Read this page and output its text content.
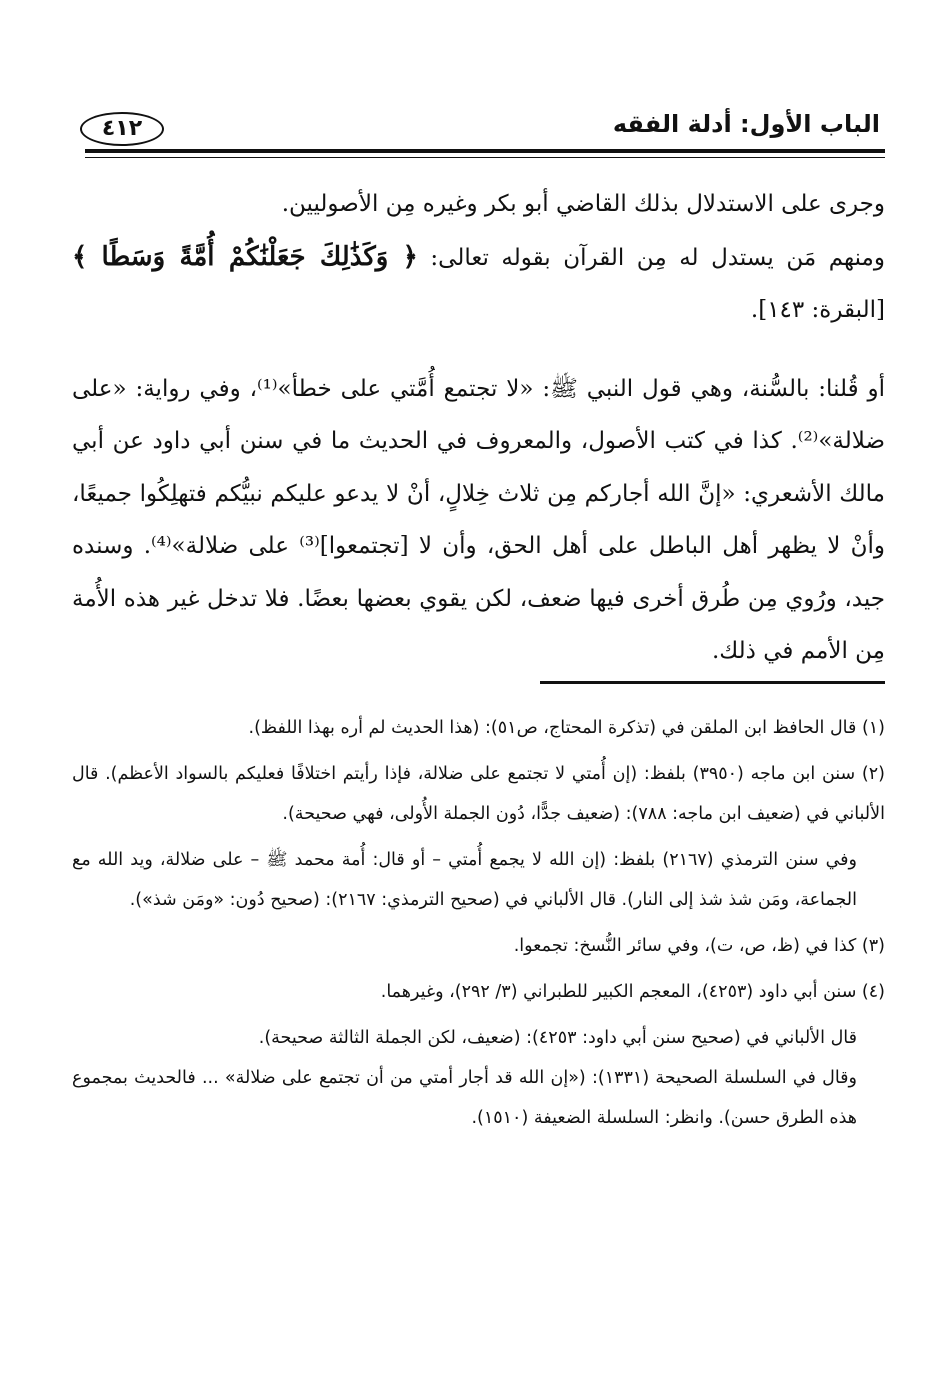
الباب الأول: أدلة الفقه
٤١٢

وجرى على الاستدلال بذلك القاضي أبو بكر وغيره مِن الأصوليين.

ومنهم مَن يستدل له مِن القرآن بقوله تعالى: ﴿ وَكَذَٰلِكَ جَعَلْنَٰكُمْ أُمَّةً وَسَطًا ﴾ [البقرة: ١٤٣].

أو قُلنا: بالسُّنة، وهي قول النبي ﷺ: «لا تجتمع أُمَّتي على خطأ»⁽¹⁾، وفي رواية: «على ضلالة»⁽²⁾. كذا في كتب الأصول، والمعروف في الحديث ما في سنن أبي داود عن أبي مالك الأشعري: «إنَّ الله أجاركم مِن ثلاث خِلالٍ، أنْ لا يدعو عليكم نبيُّكم فتهلِكُوا جميعًا، وأنْ لا يظهر أهل الباطل على أهل الحق، وأن لا [تجتمعوا]⁽³⁾ على ضلالة»⁽⁴⁾. وسنده جيد، ورُوي مِن طُرق أخرى فيها ضعف، لكن يقوي بعضها بعضًا. فلا تدخل غير هذه الأُمة مِن الأمم في ذلك.

(١) قال الحافظ ابن الملقن في (تذكرة المحتاج، ص٥١): (هذا الحديث لم أره بهذا اللفظ).

(٢) سنن ابن ماجه (٣٩٥٠) بلفظ: (إن أُمتي لا تجتمع على ضلالة، فإذا رأيتم اختلافًا فعليكم بالسواد الأعظم). قال الألباني في (ضعيف ابن ماجه: ٧٨٨): (ضعيف جدًّا، دُون الجملة الأُولى، فهي صحيحة).

وفي سنن الترمذي (٢١٦٧) بلفظ: (إن الله لا يجمع أُمتي – أو قال: أُمة محمد ﷺ – على ضلالة، ويد الله مع الجماعة، ومَن شذ شذ إلى النار). قال الألباني في (صحيح الترمذي: ٢١٦٧): (صحيح دُون: «ومَن شذ»).

(٣) كذا في (ظ، ص، ت)، وفي سائر النُّسخ: تجمعوا.

(٤) سنن أبي داود (٤٢٥٣)، المعجم الكبير للطبراني (٣/ ٢٩٢)، وغيرهما.

قال الألباني في (صحيح سنن أبي داود: ٤٢٥٣): (ضعيف، لكن الجملة الثالثة صحيحة).

وقال في السلسلة الصحيحة (١٣٣١): («إن الله قد أجار أمتي من أن تجتمع على ضلالة» ... فالحديث بمجموع هذه الطرق حسن). وانظر: السلسلة الضعيفة (١٥١٠).
